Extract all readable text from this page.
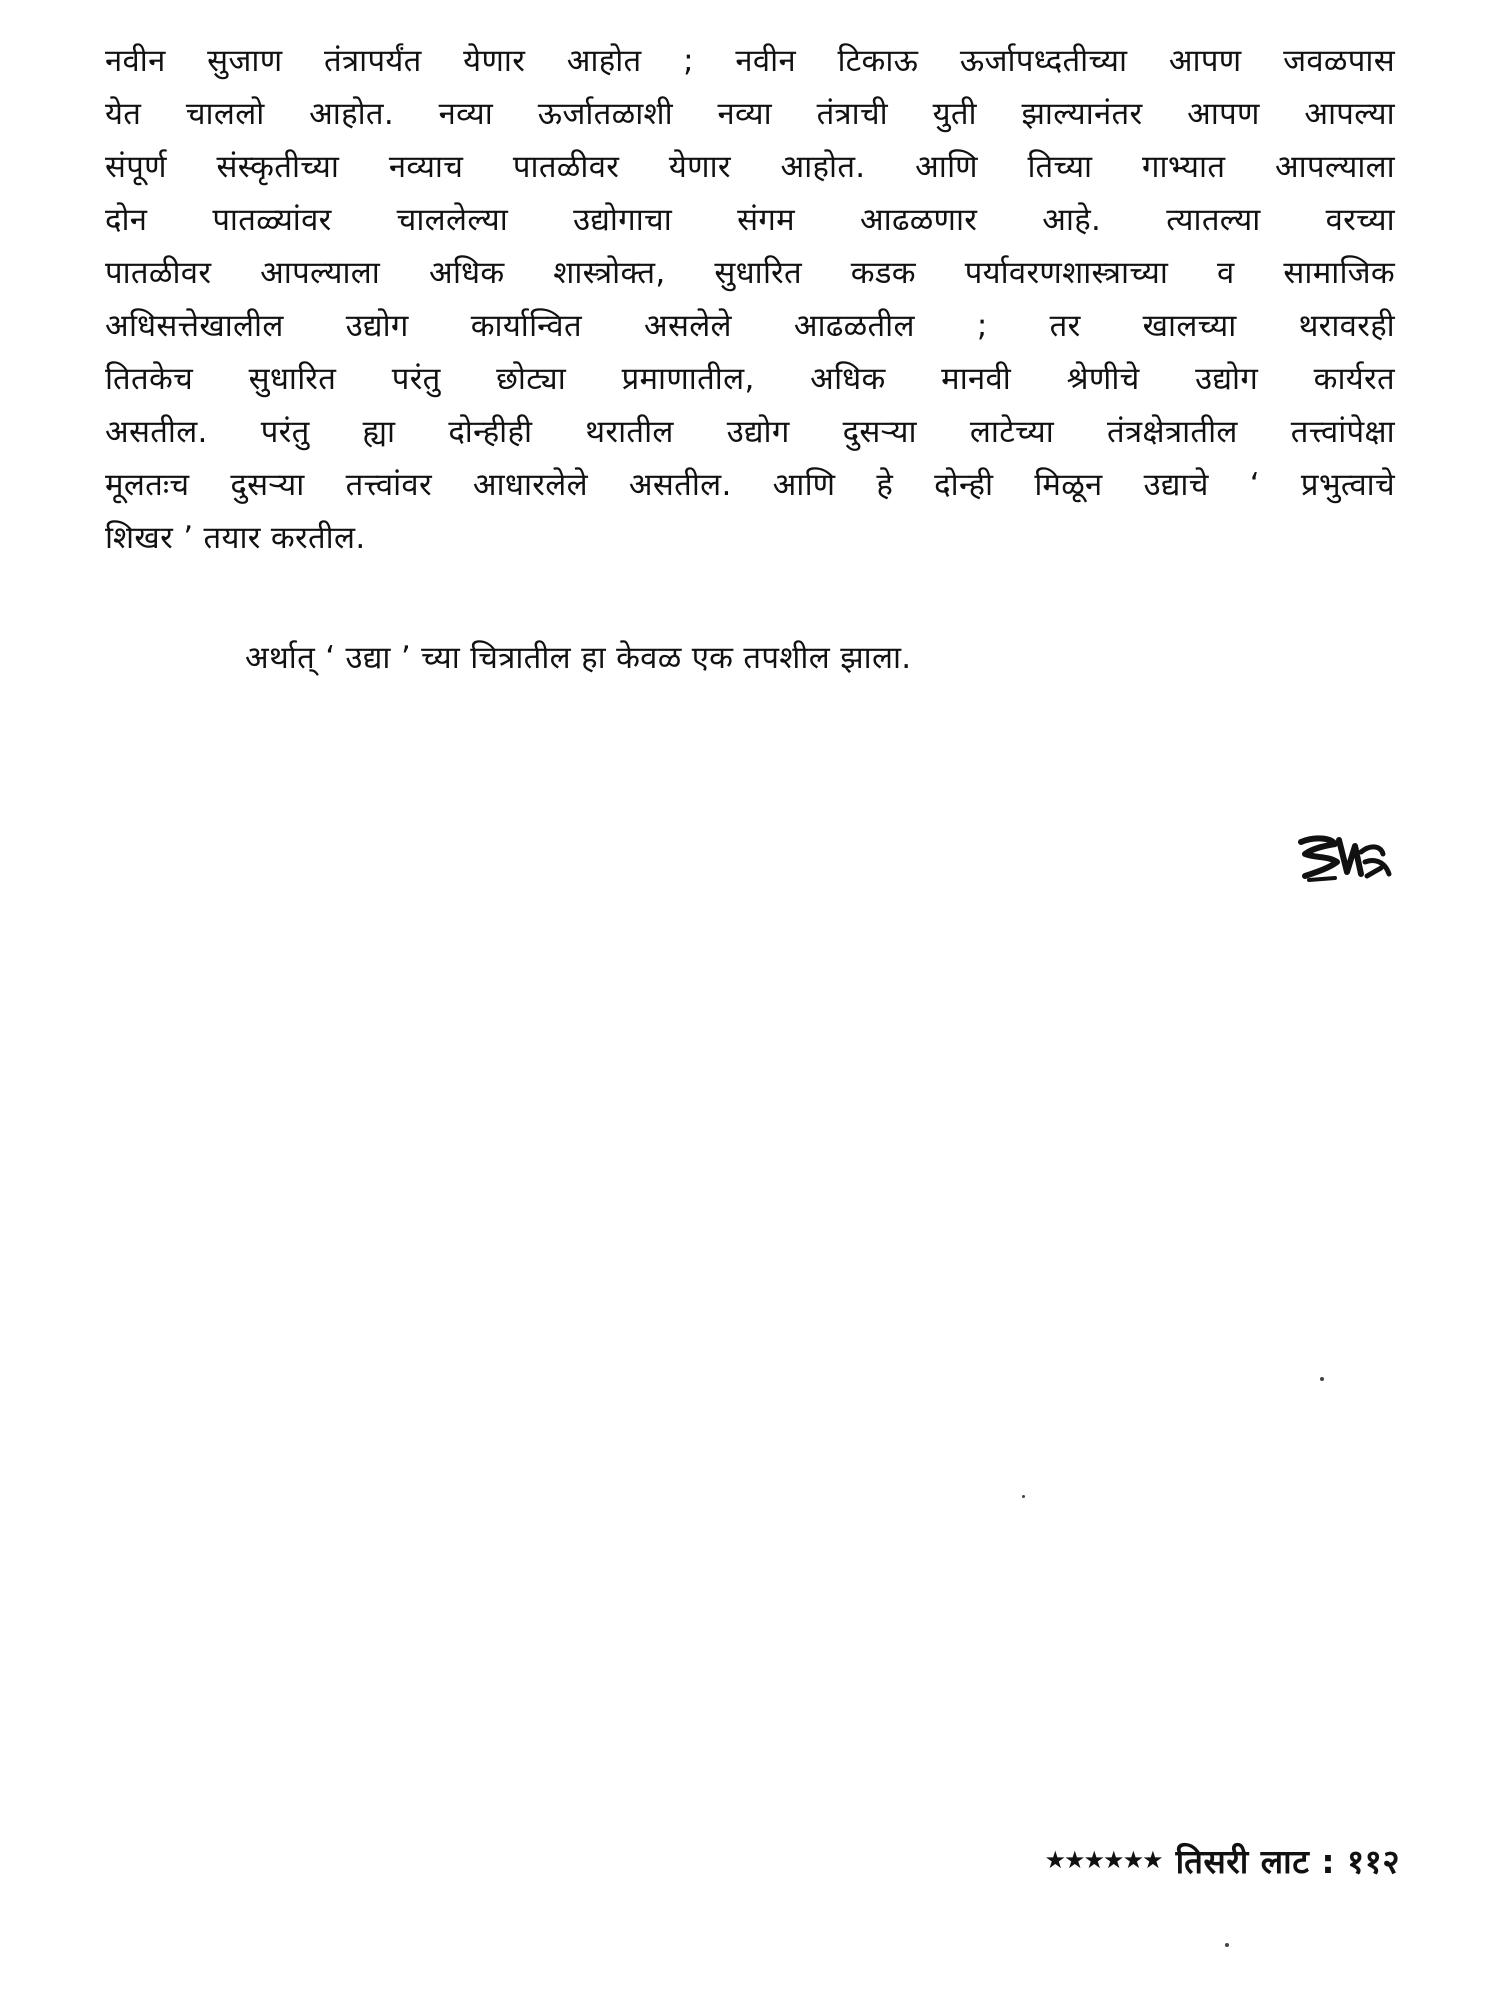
नवीन सुजाण तंत्रापर्यंत येणार आहोत ; नवीन टिकाऊ ऊर्जापध्दतीच्या आपण जवळपास
येत चाललो आहोत. नव्या ऊर्जातळाशी नव्या तंत्राची युती झाल्यानंतर आपण आपल्या
संपूर्ण संस्कृतीच्या नव्याच पातळीवर येणार आहोत. आणि तिच्या गाभ्यात आपल्याला
दोन पातळ्यांवर चाललेल्या उद्योगाचा संगम आढळणार आहे. त्यातल्या वरच्या
पातळीवर आपल्याला अधिक शास्त्रोक्त, सुधारित कडक पर्यावरणशास्त्राच्या व सामाजिक
अधिसत्तेखालील उद्योग कार्यान्वित असलेले आढळतील ; तर खालच्या थरावरही
तितकेच सुधारित परंतु छोट्या प्रमाणातील, अधिक मानवी श्रेणीचे उद्योग कार्यरत
असतील. परंतु ह्या दोन्हीही थरातील उद्योग दुसऱ्या लाटेच्या तंत्रक्षेत्रातील तत्त्वांपेक्षा
मूलतःच दुसऱ्या तत्त्वांवर आधारलेले असतील. आणि हे दोन्ही मिळून उद्याचे ‘ प्रभुत्वाचे
शिखर ’ तयार करतील.

अर्थात् ‘ उद्या ’ च्या चित्रातील हा केवळ एक तपशील झाला.

★★★★★★ तिसरी लाट : ११२
